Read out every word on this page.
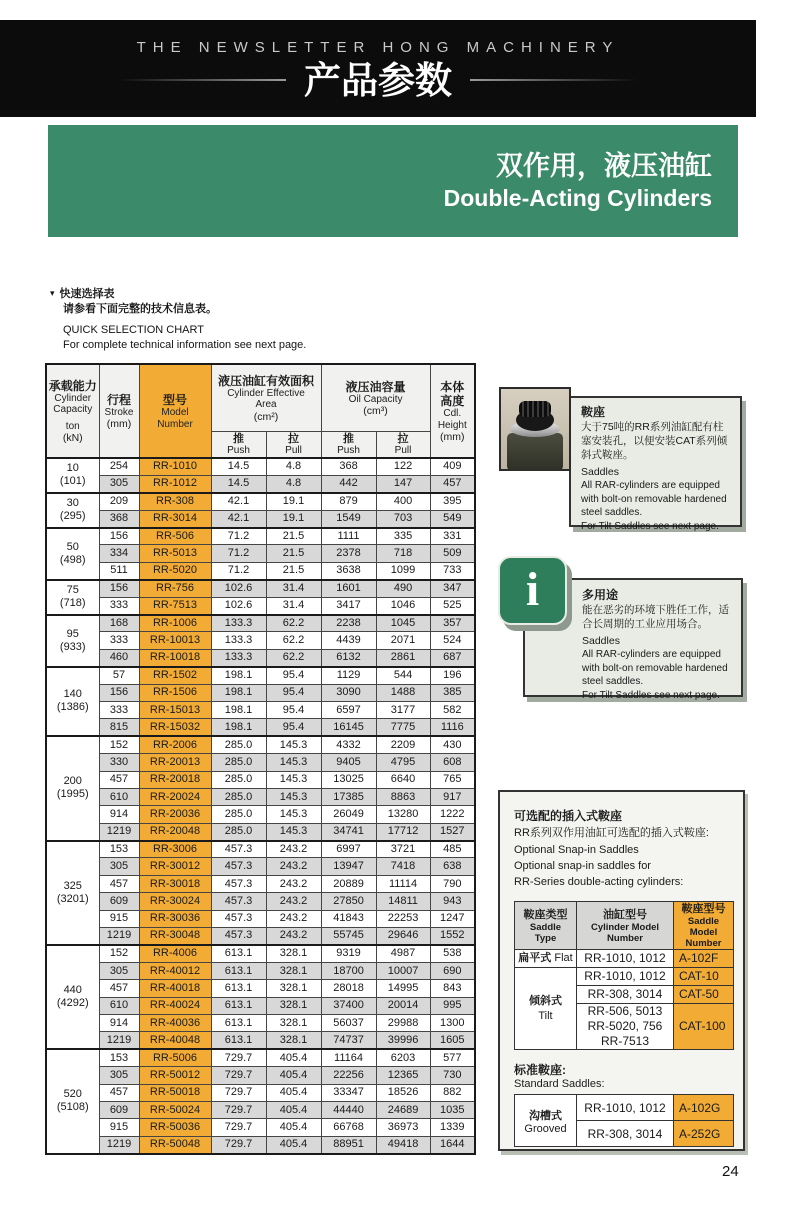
THE NEWSLETTER HONG MACHINERY
产品参数
双作用，液压油缸
Double-Acting Cylinders
▾ 快速选择表
请参看下面完整的技术信息表。
QUICK SELECTION CHART
For complete technical information see next page.
承载能力
Cylinder
Capacity
ton
(kN)	行程
Stroke
(mm)	型号
Model
Number	液压油缸有效面积
Cylinder Effective
Area
(cm²)		液压油容量
Oil Capacity
(cm³)		本体
高度
Cdl.
Height
(mm)

			推
Push	拉
Pull	推
Push	拉
Pull	

10
(101)	254	RR-1010	14.5	4.8	368	122	409
	305	RR-1012	14.5	4.8	442	147	457

30
(295)	209	RR-308	42.1	19.1	879	400	395
	368	RR-3014	42.1	19.1	1549	703	549

50
(498)	156	RR-506	71.2	21.5	1111	335	331
	334	RR-5013	71.2	21.5	2378	718	509
	511	RR-5020	71.2	21.5	3638	1099	733

75
(718)	156	RR-756	102.6	31.4	1601	490	347
	333	RR-7513	102.6	31.4	3417	1046	525

95
(933)	168	RR-1006	133.3	62.2	2238	1045	357
	333	RR-10013	133.3	62.2	4439	2071	524
	460	RR-10018	133.3	62.2	6132	2861	687

140
(1386)	57	RR-1502	198.1	95.4	1129	544	196
	156	RR-1506	198.1	95.4	3090	1488	385
	333	RR-15013	198.1	95.4	6597	3177	582
	815	RR-15032	198.1	95.4	16145	7775	1116

200
(1995)	152	RR-2006	285.0	145.3	4332	2209	430
	330	RR-20013	285.0	145.3	9405	4795	608
	457	RR-20018	285.0	145.3	13025	6640	765
	610	RR-20024	285.0	145.3	17385	8863	917
	914	RR-20036	285.0	145.3	26049	13280	1222
	1219	RR-20048	285.0	145.3	34741	17712	1527

325
(3201)	153	RR-3006	457.3	243.2	6997	3721	485
	305	RR-30012	457.3	243.2	13947	7418	638
	457	RR-30018	457.3	243.2	20889	11114	790
	609	RR-30024	457.3	243.2	27850	14811	943
	915	RR-30036	457.3	243.2	41843	22253	1247
	1219	RR-30048	457.3	243.2	55745	29646	1552

440
(4292)	152	RR-4006	613.1	328.1	9319	4987	538
	305	RR-40012	613.1	328.1	18700	10007	690
	457	RR-40018	613.1	328.1	28018	14995	843
	610	RR-40024	613.1	328.1	37400	20014	995
	914	RR-40036	613.1	328.1	56037	29988	1300
	1219	RR-40048	613.1	328.1	74737	39996	1605

520
(5108)	153	RR-5006	729.7	405.4	11164	6203	577
	305	RR-50012	729.7	405.4	22256	12365	730
	457	RR-50018	729.7	405.4	33347	18526	882
	609	RR-50024	729.7	405.4	44440	24689	1035
	915	RR-50036	729.7	405.4	66768	36973	1339
	1219	RR-50048	729.7	405.4	88951	49418	1644
鞍座
大于75吨的RR系列油缸配有柱塞安装孔，以便安装CAT系列倾斜式鞍座。
Saddles
All RAR-cylinders are equipped
with bolt-on removable hardened
steel saddles.
For Tilt Saddles see next page.
i	多用途
能在恶劣的环境下胜任工作，适合长周期的工业应用场合。
Saddles
All RAR-cylinders are equipped
with bolt-on removable hardened
steel saddles.
For Tilt Saddles see next page.
可选配的插入式鞍座
RR系列双作用油缸可选配的插入式鞍座:
Optional Snap-in Saddles
Optional snap-in saddles for
RR-Series double-acting cylinders:
鞍座类型
Saddle
Type	油缸型号
Cylinder Model
Number	鞍座型号
Saddle Model
Number

扁平式 Flat	RR-1010, 1012	A-102F

倾斜式
Tilt	RR-1010, 1012	CAT-10

	RR-308, 3014	CAT-50

	RR-506, 5013
RR-5020, 756
RR-7513	CAT-100
标准鞍座:
Standard Saddles:
沟槽式
Grooved	RR-1010, 1012	A-102G
	RR-308, 3014	A-252G
24
